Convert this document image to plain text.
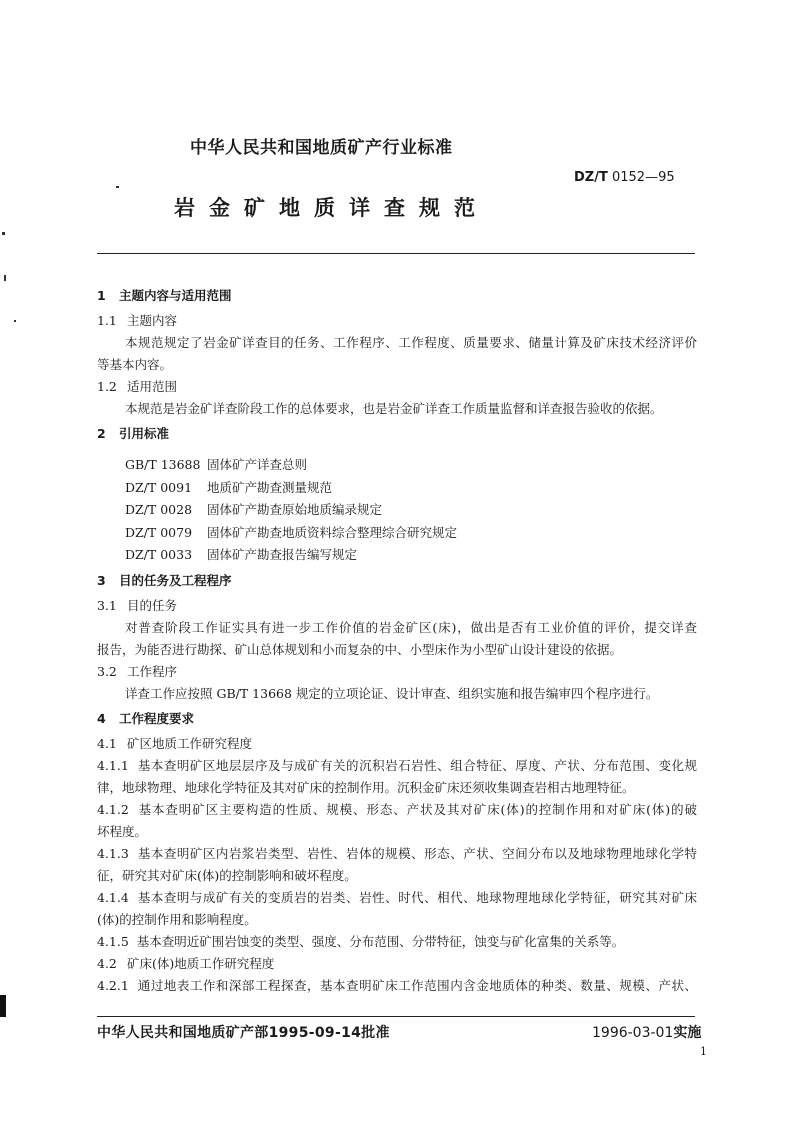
中华人民共和国地质矿产行业标准
DZ/T 0152—95
岩金矿地质详查规范
1 主题内容与适用范围
1.1 主题内容
本规范规定了岩金矿详查目的任务、工作程序、工作程度、质量要求、储量计算及矿床技术经济评价
等基本内容。
1.2 适用范围
本规范是岩金矿详查阶段工作的总体要求，也是岩金矿详查工作质量监督和详查报告验收的依据。
2 引用标准
GB/T 13688 固体矿产详查总则
DZ/T 0091 地质矿产勘查测量规范
DZ/T 0028 固体矿产勘查原始地质编录规定
DZ/T 0079 固体矿产勘查地质资料综合整理综合研究规定
DZ/T 0033 固体矿产勘查报告编写规定
3 目的任务及工程程序
3.1 目的任务
对普查阶段工作证实具有进一步工作价值的岩金矿区(床)，做出是否有工业价值的评价，提交详查
报告，为能否进行勘探、矿山总体规划和小而复杂的中、小型床作为小型矿山设计建设的依据。
3.2 工作程序
详查工作应按照 GB/T 13668 规定的立项论证、设计审查、组织实施和报告编审四个程序进行。
4 工作程度要求
4.1 矿区地质工作研究程度
4.1.1 基本查明矿区地层层序及与成矿有关的沉积岩石岩性、组合特征、厚度、产状、分布范围、变化规
律，地球物理、地球化学特征及其对矿床的控制作用。沉积金矿床还须收集调查岩相古地理特征。
4.1.2 基本查明矿区主要构造的性质、规模、形态、产状及其对矿床(体)的控制作用和对矿床(体)的破
坏程度。
4.1.3 基本查明矿区内岩浆岩类型、岩性、岩体的规模、形态、产状、空间分布以及地球物理地球化学特
征，研究其对矿床(体)的控制影响和破坏程度。
4.1.4 基本查明与成矿有关的变质岩的岩类、岩性、时代、相代、地球物理地球化学特征，研究其对矿床
(体)的控制作用和影响程度。
4.1.5 基本查明近矿围岩蚀变的类型、强度、分布范围、分带特征，蚀变与矿化富集的关系等。
4.2 矿床(体)地质工作研究程度
4.2.1 通过地表工作和深部工程探查，基本查明矿床工作范围内含金地质体的种类、数量、规模、产状、
中华人民共和国地质矿产部1995-09-14批准	1996-03-01实施
1
